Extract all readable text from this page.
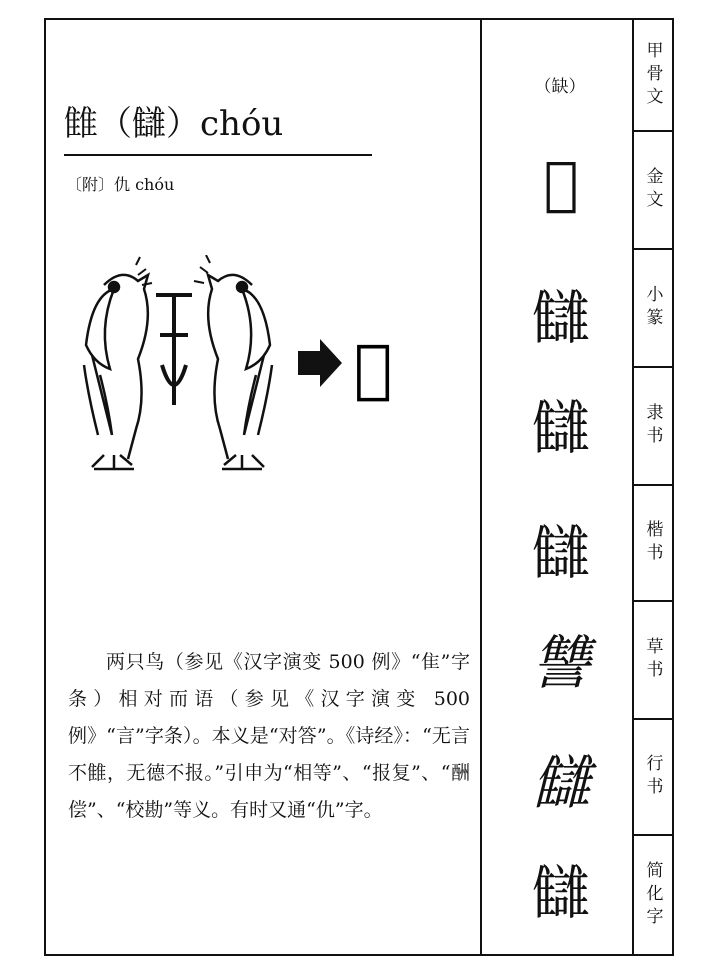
雔（讎）chóu
〔附〕仇 chóu
𩀱

两只鸟（参见《汉字演变 500 例》“隹”字条）相对而语（参见《汉字演变 500 例》“言”字条）。本义是“对答”。《诗经》：“无言不雔，无德不报。”引申为“相等”、“报复”、“酬偿”、“校勘”等义。有时又通“仇”字。

（缺）
𩀱
讎
讎
讎
讐
讎
讎
甲骨文
金文
小篆
隶书
楷书
草书
行书
简化字
